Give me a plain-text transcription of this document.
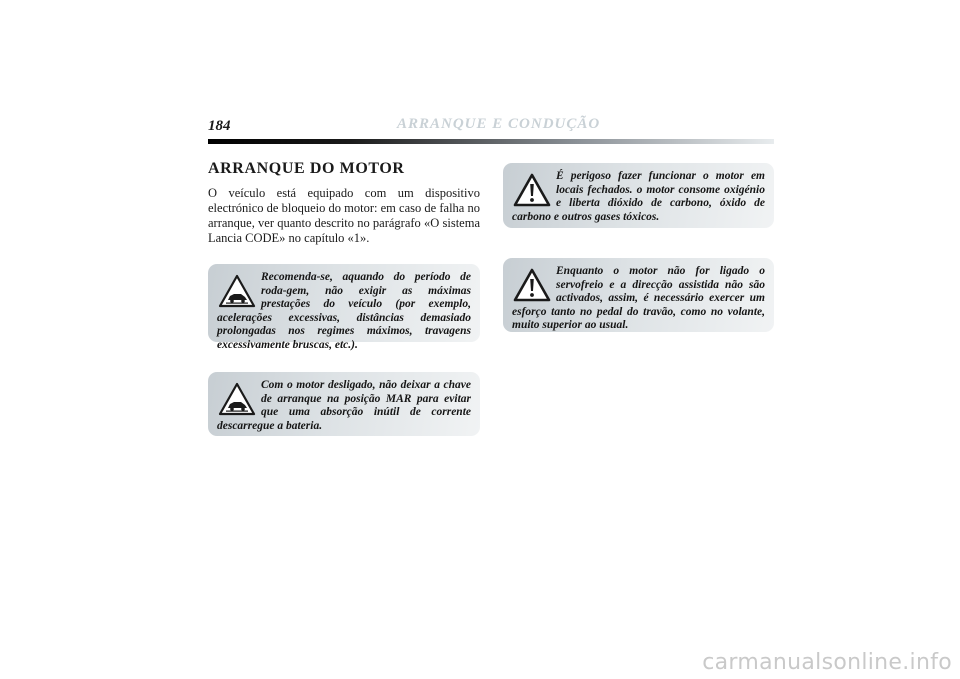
184	ARRANQUE E CONDUÇÃO
ARRANQUE DO MOTOR

O veículo está equipado com um dispositivo electrónico de bloqueio do motor: em caso de falha no arranque, ver quanto descrito no parágrafo «O sistema Lancia CODE» no capítulo «1».

Recomenda-se, aquando do período de roda-gem, não exigir as máximas prestações do veículo (por exemplo, acelerações excessivas, distâncias demasiado prolongadas nos regimes máximos, travagens excessivamente bruscas, etc.).

Com o motor desligado, não deixar a chave de arranque na posição MAR para evitar que uma absorção inútil de corrente descarregue a bateria.

É perigoso fazer funcionar o motor em locais fechados. o motor consome oxigénio e liberta dióxido de carbono, óxido de carbono e outros gases tóxicos.

Enquanto o motor não for ligado o servofreio e a direcção assistida não são activados, assim, é necessário exercer um esforço tanto no pedal do travão, como no volante, muito superior ao usual.

carmanualsonline.info
